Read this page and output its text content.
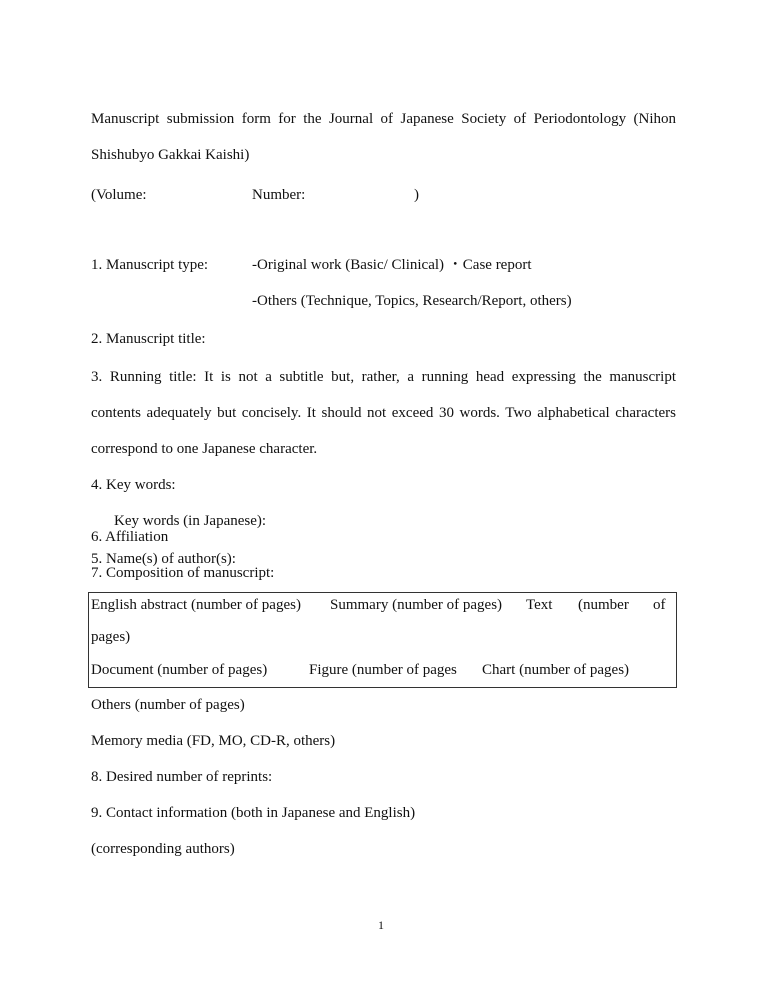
Manuscript submission form for the Journal of Japanese Society of Periodontology (Nihon
Shishubyo Gakkai Kaishi)
(Volume:	Number:	)
1. Manuscript type:	-Original work (Basic/ Clinical) ・Case report
-Others (Technique, Topics, Research/Report, others)
2. Manuscript title:
3. Running title: It is not a subtitle but, rather, a running head expressing the manuscript
contents adequately but concisely. It should not exceed 30 words. Two alphabetical characters
correspond to one Japanese character.
4. Key words:
Key words (in Japanese):
5. Name(s) of author(s):
6. Affiliation
7. Composition of manuscript:
English abstract (number of pages) Summary (number of pages) Text (number of
pages)
Document (number of pages)	Figure (number of pages Chart (number of pages)
Others (number of pages)
Memory media (FD, MO, CD-R, others)
8. Desired number of reprints:
9. Contact information (both in Japanese and English)
(corresponding authors)
1
